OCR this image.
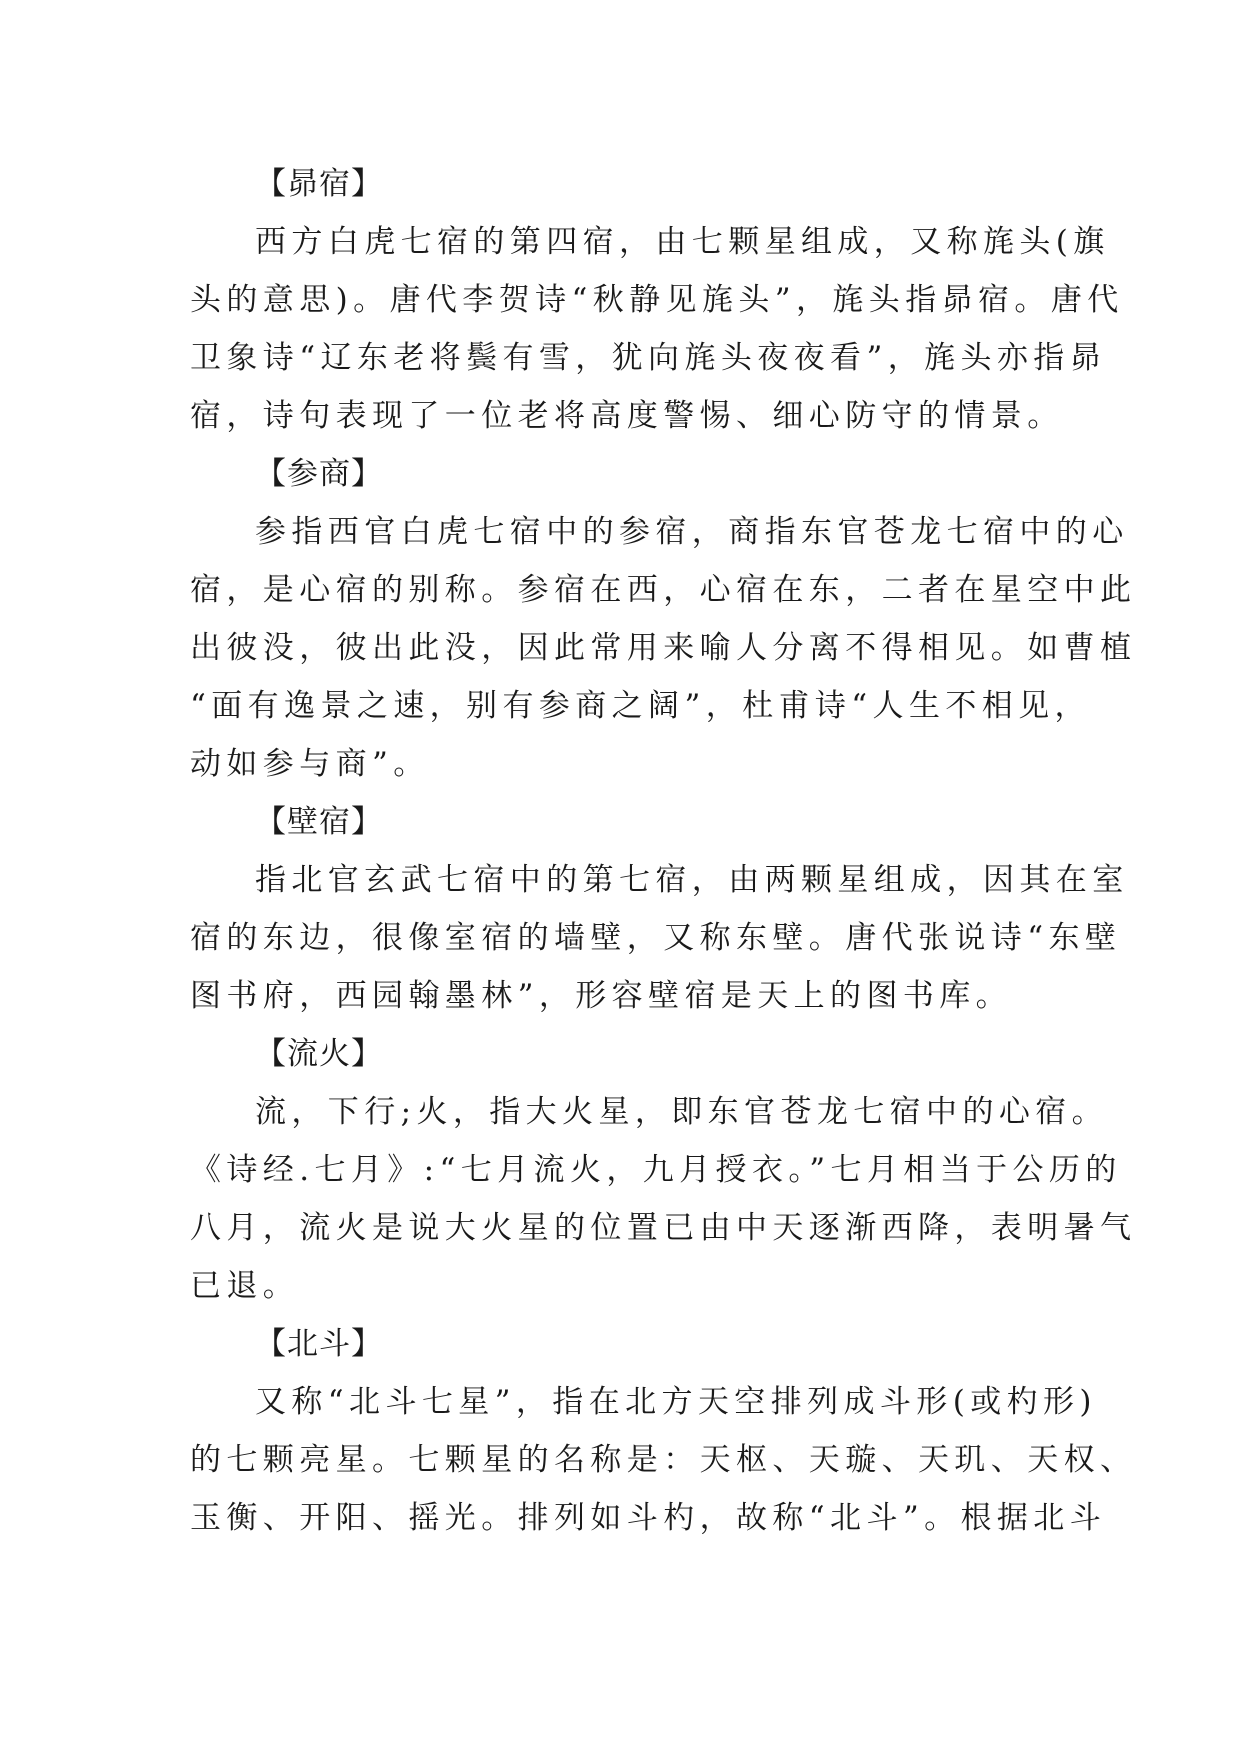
【昴宿】
西方白虎七宿的第四宿，由七颗星组成，又称旄头(旗
头的意思)。唐代李贺诗“秋静见旄头”，旄头指昴宿。唐代
卫象诗“辽东老将鬓有雪，犹向旄头夜夜看”，旄头亦指昴
宿，诗句表现了一位老将高度警惕、细心防守的情景。
【参商】
参指西官白虎七宿中的参宿，商指东官苍龙七宿中的心
宿，是心宿的别称。参宿在西，心宿在东，二者在星空中此
出彼没，彼出此没，因此常用来喻人分离不得相见。如曹植
“面有逸景之速，别有参商之阔”，杜甫诗“人生不相见，
动如参与商”。
【壁宿】
指北官玄武七宿中的第七宿，由两颗星组成，因其在室
宿的东边，很像室宿的墙壁，又称东壁。唐代张说诗“东壁
图书府，西园翰墨林”，形容壁宿是天上的图书库。
【流火】
流，下行;火，指大火星，即东官苍龙七宿中的心宿。
《诗经.七月》:“七月流火，九月授衣。”七月相当于公历的
八月，流火是说大火星的位置已由中天逐渐西降，表明暑气
已退。
【北斗】
又称“北斗七星”，指在北方天空排列成斗形(或杓形)
的七颗亮星。七颗星的名称是：天枢、天璇、天玑、天权、
玉衡、开阳、摇光。排列如斗杓，故称“北斗”。根据北斗
